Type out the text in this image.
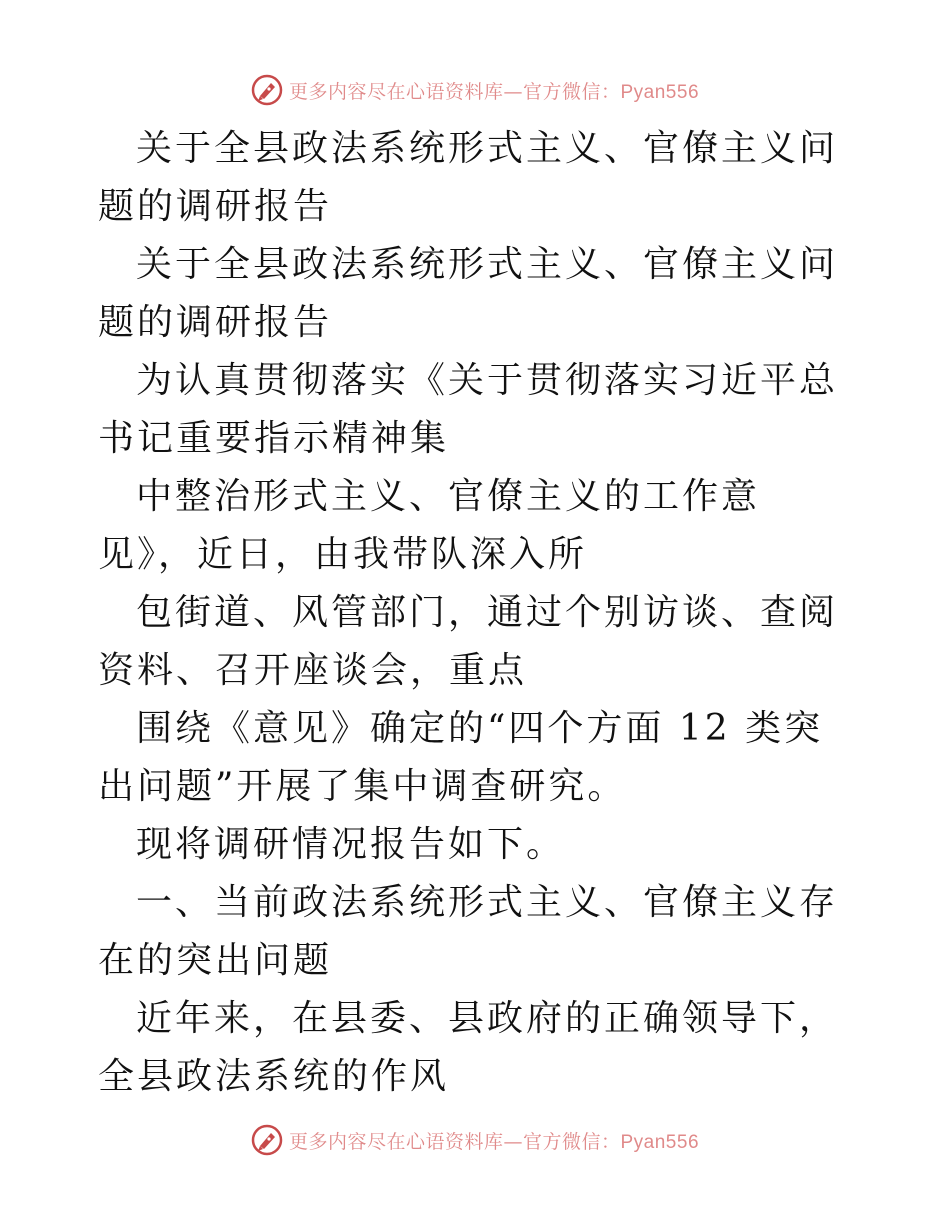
更多内容尽在心语资料库—官方微信：Pyan556

关于全县政法系统形式主义、官僚主义问题的调研报告

关于全县政法系统形式主义、官僚主义问题的调研报告

为认真贯彻落实《关于贯彻落实习近平总书记重要指示精神集

中整治形式主义、官僚主义的工作意见》，近日，由我带队深入所

包街道、风管部门，通过个别访谈、查阅资料、召开座谈会，重点

围绕《意见》确定的“四个方面 12 类突出问题”开展了集中调查研究。

现将调研情况报告如下。

一、当前政法系统形式主义、官僚主义存在的突出问题

近年来，在县委、县政府的正确领导下，全县政法系统的作风

更多内容尽在心语资料库—官方微信：Pyan556
